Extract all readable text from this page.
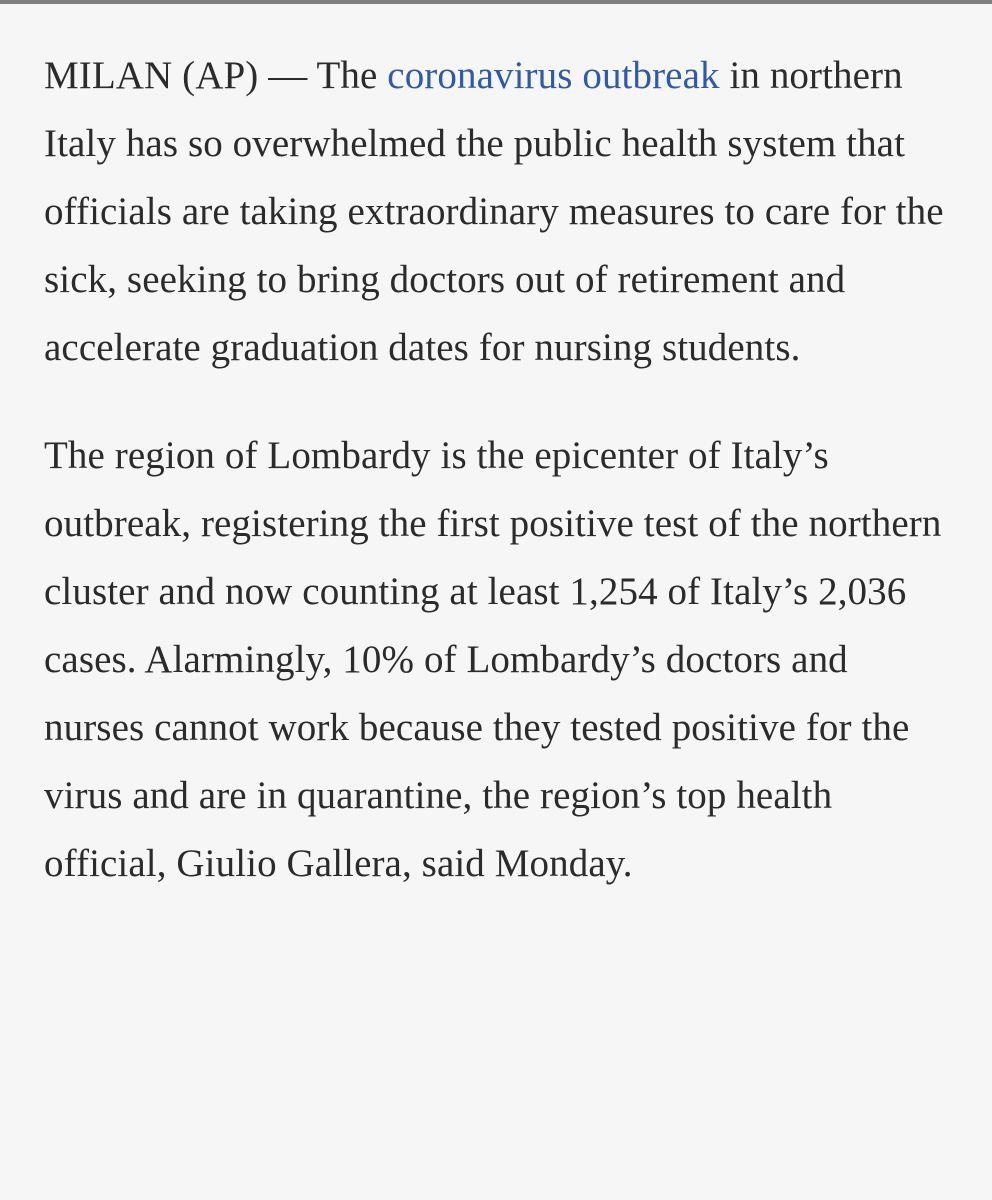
MILAN (AP) — The coronavirus outbreak in northern Italy has so overwhelmed the public health system that officials are taking extraordinary measures to care for the sick, seeking to bring doctors out of retirement and accelerate graduation dates for nursing students.

The region of Lombardy is the epicenter of Italy’s outbreak, registering the first positive test of the northern cluster and now counting at least 1,254 of Italy’s 2,036 cases. Alarmingly, 10% of Lombardy’s doctors and nurses cannot work because they tested positive for the virus and are in quarantine, the region’s top health official, Giulio Gallera, said Monday.
